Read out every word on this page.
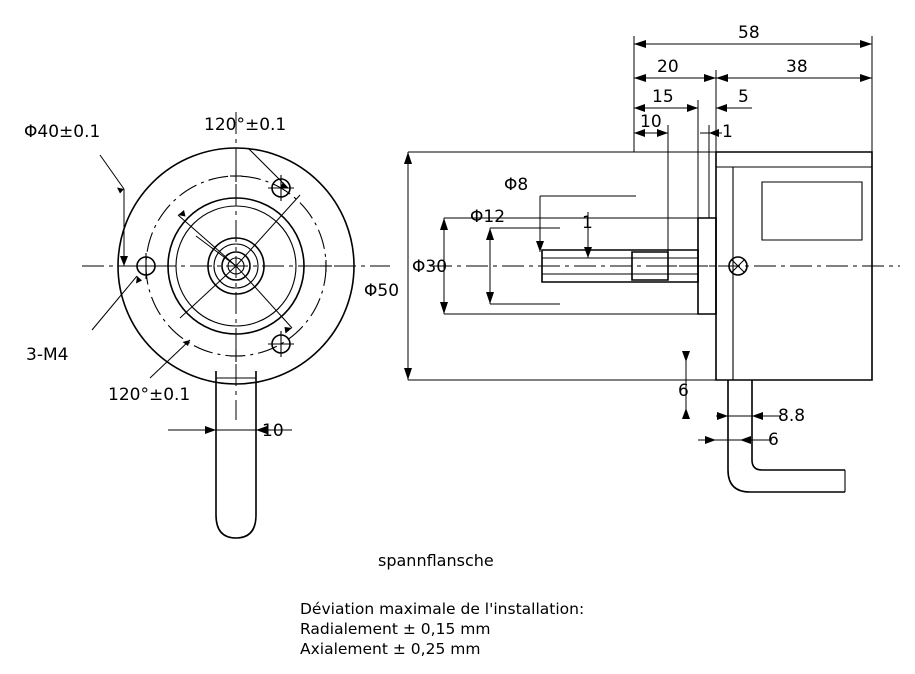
Φ40±0.1	120°±0.1
3-M4
120°±0.1
10
58
20	38
15	5
10	1
Φ50
Φ30
Φ12
Φ8
1
6
8.8
6
spannflansche
Déviation maximale de l'installation:
Radialement ± 0,15 mm
Axialement ± 0,25 mm
